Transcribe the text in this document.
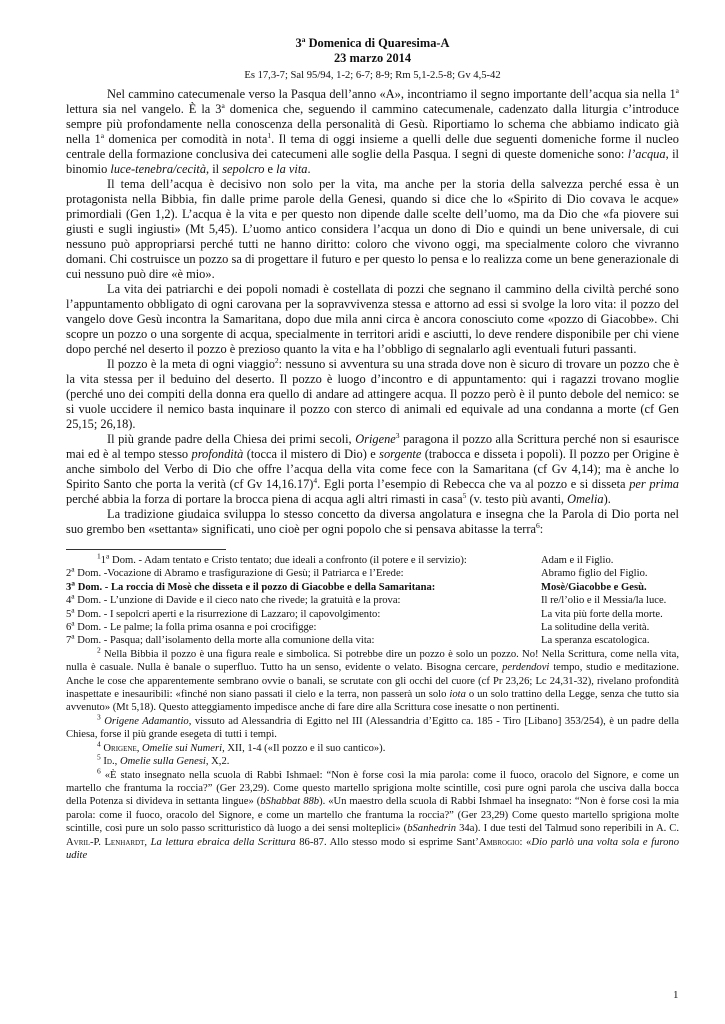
3$^a$ Domenica di Quaresima-A
23 marzo 2014
Es 17,3-7; Sal 95/94, 1-2; 6-7; 8-9; Rm 5,1-2.5-8; Gv 4,5-42

Nel cammino catecumenale verso la Pasqua dell’anno «A», incontriamo il segno importante dell’acqua sia nella 1$^a$ lettura sia nel vangelo. È la 3$^a$ domenica che, seguendo il cammino catecumenale, cadenzato dalla liturgia c’introduce sempre più profondamente nella conoscenza della personalità di Gesù. Riportiamo lo schema che abbiamo indicato già nella 1$^a$ domenica per comodità in nota$^1$. Il tema di oggi insieme a quelli delle due seguenti domeniche forme il nucleo centrale della formazione conclusiva dei catecumeni alle soglie della Pasqua. I segni di queste domeniche sono: l’acqua, il binomio luce-tenebra/cecità, il sepolcro e la vita.

Il tema dell’acqua è decisivo non solo per la vita, ma anche per la storia della salvezza perché essa è un protagonista nella Bibbia, fin dalle prime parole della Genesi, quando si dice che lo «Spirito di Dio covava le acque» primordiali (Gen 1,2). L’acqua è la vita e per questo non dipende dalle scelte dell’uomo, ma da Dio che «fa piovere sui giusti e sugli ingiusti» (Mt 5,45). L’uomo antico considera l’acqua un dono di Dio e quindi un bene universale, di cui nessuno può appropriarsi perché tutti ne hanno diritto: coloro che vivono oggi, ma specialmente coloro che vivranno domani. Chi costruisce un pozzo sa di progettare il futuro e per questo lo pensa e lo realizza come un bene generazionale di cui nessuno può dire «è mio».

La vita dei patriarchi e dei popoli nomadi è costellata di pozzi che segnano il cammino della civiltà perché sono l’appuntamento obbligato di ogni carovana per la sopravvivenza stessa e attorno ad essi si svolge la loro vita: il pozzo del vangelo dove Gesù incontra la Samaritana, dopo due mila anni circa è ancora conosciuto come «pozzo di Giacobbe». Chi scopre un pozzo o una sorgente di acqua, specialmente in territori aridi e asciutti, lo deve rendere disponibile per chi viene dopo perché nel deserto il pozzo è prezioso quanto la vita e ha l’obbligo di segnalarlo agli eventuali futuri passanti.

Il pozzo è la meta di ogni viaggio$^2$: nessuno si avventura su una strada dove non è sicuro di trovare un pozzo che è la vita stessa per il beduino del deserto. Il pozzo è luogo d’incontro e di appuntamento: qui i ragazzi trovano moglie (perché uno dei compiti della donna era quello di andare ad attingere acqua. Il pozzo però è il punto debole del nemico: se si vuole uccidere il nemico basta inquinare il pozzo con sterco di animali ed equivale ad una condanna a morte (cf Gen 25,15; 26,18).

Il più grande padre della Chiesa dei primi secoli, Origene$^3$ paragona il pozzo alla Scrittura perché non si esaurisce mai ed è al tempo stesso profondità (tocca il mistero di Dio) e sorgente (trabocca e disseta i popoli). Il pozzo per Origine è anche simbolo del Verbo di Dio che offre l’acqua della vita come fece con la Samaritana (cf Gv 4,14); ma è anche lo Spirito Santo che porta la verità (cf Gv 14,16.17)$^4$. Egli porta l’esempio di Rebecca che va al pozzo e si disseta per prima perché abbia la forza di portare la brocca piena di acqua agli altri rimasti in casa$^5$ (v. testo più avanti, Omelia).

La tradizione giudaica sviluppa lo stesso concetto da diversa angolatura e insegna che la Parola di Dio porta nel suo grembo ben «settanta» significati, uno cioè per ogni popolo che si pensava abitasse la terra$^6$:

$^1$1$^a$ Dom. - Adam tentato e Cristo tentato; due ideali a confronto (il potere e il servizio):	Adam e il Figlio.
2$^a$ Dom. -Vocazione di Abramo e trasfigurazione di Gesù; il Patriarca e l’Erede:	Abramo figlio del Figlio.
3$^a$ Dom. - La roccia di Mosè che disseta e il pozzo di Giacobbe e della Samaritana:	Mosè/Giacobbe e Gesù.
4$^a$ Dom. - L’unzione di Davide e il cieco nato che rivede; la gratuità e la prova:	Il re/l’olio e il Messia/la luce.
5$^a$ Dom. - I sepolcri aperti e la risurrezione di Lazzaro; il capovolgimento:	La vita più forte della morte.
6$^a$ Dom. - Le palme; la folla prima osanna e poi crocifigge:	La solitudine della verità.
7$^a$ Dom. - Pasqua; dall’isolamento della morte alla comunione della vita:	La speranza escatologica.

$^2$ Nella Bibbia il pozzo è una figura reale e simbolica. Si potrebbe dire un pozzo è solo un pozzo. No! Nella Scrittura, come nella vita, nulla è casuale. Nulla è banale o superfluo. Tutto ha un senso, evidente o velato. Bisogna cercare, perdendovi tempo, studio e meditazione. Anche le cose che apparentemente sembrano ovvie o banali, se scrutate con gli occhi del cuore (cf Pr 23,26; Lc 24,31-32), rivelano profondità inaspettate e inesauribili: «finché non siano passati il cielo e la terra, non passerà un solo iota o un solo trattino della Legge, senza che tutto sia avvenuto» (Mt 5,18). Questo atteggiamento impedisce anche di fare dire alla Scrittura cose inesatte o non pertinenti.

$^3$ Origene Adamantio, vissuto ad Alessandria di Egitto nel III (Alessandria d’Egitto ca. 185 - Tiro [Libano] 353/254), è un padre della Chiesa, forse il più grande esegeta di tutti i tempi.

$^4$ Origene, Omelie sui Numeri, XII, 1-4 («Il pozzo e il suo cantico»).

$^5$ Id., Omelie sulla Genesi, X,2.

$^6$ «È stato insegnato nella scuola di Rabbì Ishmael: “Non è forse così la mia parola: come il fuoco, oracolo del Signore, e come un martello che frantuma la roccia?” (Ger 23,29). Come questo martello sprigiona molte scintille, così pure ogni parola che usciva dalla bocca della Potenza si divideva in settanta lingue» (bShabbat 88b). «Un maestro della scuola di Rabbi Ishmael ha insegnato: “Non è forse così la mia parola: come il fuoco, oracolo del Signore, e come un martello che frantuma la roccia?” (Ger 23,29) Come questo martello sprigiona molte scintille, così pure un solo passo scritturistico dà luogo a dei sensi molteplici» (bSanhedrin 34a). I due testi del Talmud sono reperibili in A. C. Avril-P. Lenhardt, La lettura ebraica della Scrittura 86-87. Allo stesso modo si esprime Sant’Ambrogio: «Dio parlò una volta sola e furono udite

1
